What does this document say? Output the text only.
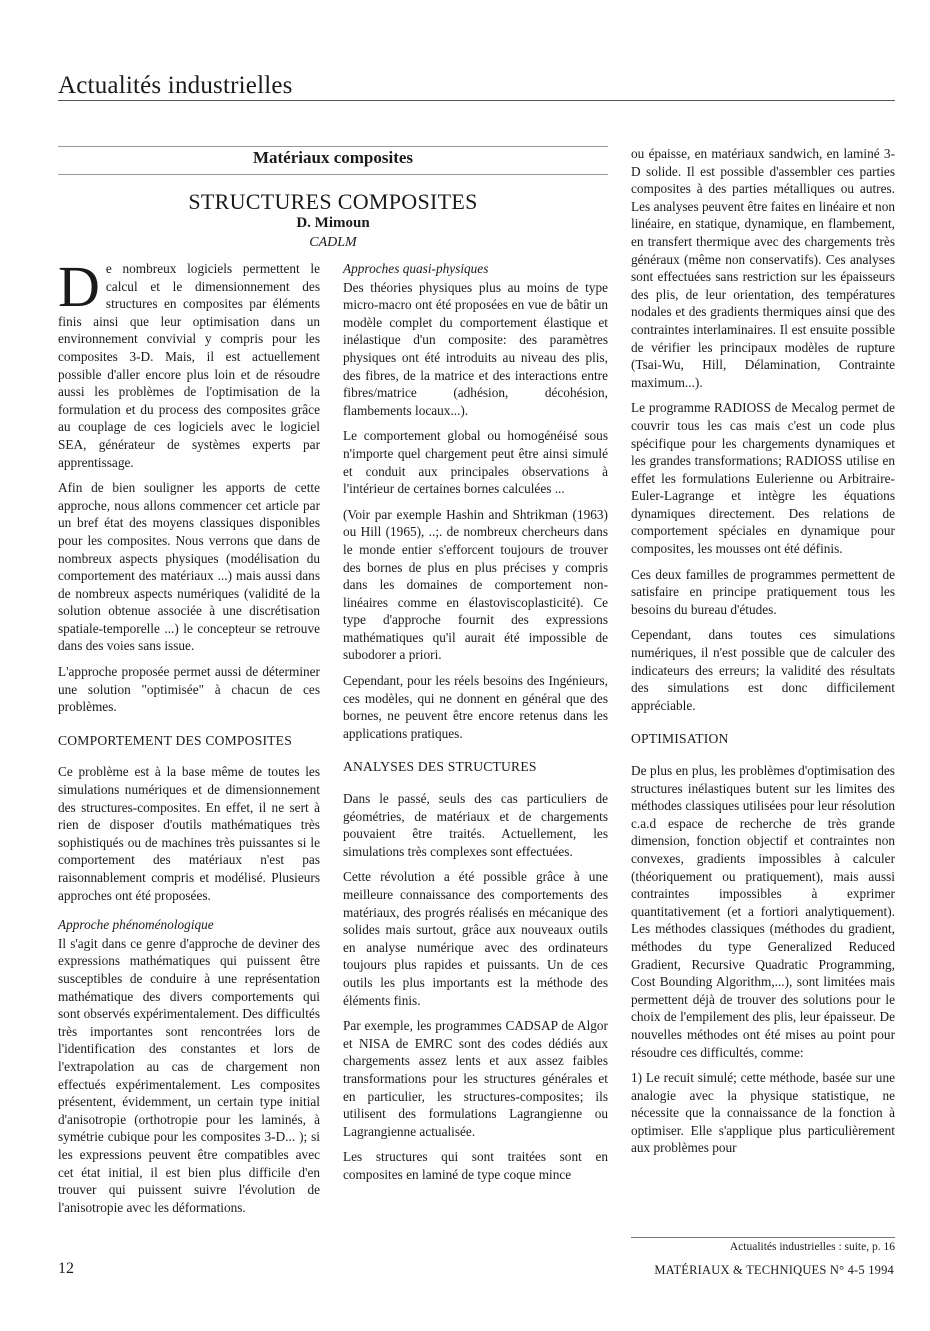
Actualités industrielles
Matériaux composites
STRUCTURES COMPOSITES
D. Mimoun
CADLM

De nombreux logiciels permettent le calcul et le dimensionnement des structures en composites par éléments finis ainsi que leur optimisation dans un environnement convivial y compris pour les composites 3-D. Mais, il est actuellement possible d'aller encore plus loin et de résoudre aussi les problèmes de l'optimisation de la formulation et du process des composites grâce au couplage de ces logiciels avec le logiciel SEA, générateur de systèmes experts par apprentissage.

Afin de bien souligner les apports de cette approche, nous allons commencer cet article par un bref état des moyens classiques disponibles pour les composites. Nous verrons que dans de nombreux aspects physiques (modélisation du comportement des matériaux ...) mais aussi dans de nombreux aspects numériques (validité de la solution obtenue associée à une discrétisation spatiale-temporelle ...) le concepteur se retrouve dans des voies sans issue.

L'approche proposée permet aussi de déterminer une solution "optimisée" à chacun de ces problèmes.

COMPORTEMENT DES COMPOSITES

Ce problème est à la base même de toutes les simulations numériques et de dimensionnement des structures-composites. En effet, il ne sert à rien de disposer d'outils mathématiques très sophistiqués ou de machines très puissantes si le comportement des matériaux n'est pas raisonnablement compris et modélisé. Plusieurs approches ont été proposées.

Approche phénoménologique

Il s'agit dans ce genre d'approche de deviner des expressions mathématiques qui puissent être susceptibles de conduire à une représentation mathématique des divers comportements qui sont observés expérimentalement. Des difficultés très importantes sont rencontrées lors de l'identification des constantes et lors de l'extrapolation au cas de chargement non effectués expérimentalement. Les composites présentent, évidemment, un certain type initial d'anisotropie (orthotropie pour les laminés, à symétrie cubique pour les composites 3-D... ); si les expressions peuvent être compatibles avec cet état initial, il est bien plus difficile d'en trouver qui puissent suivre l'évolution de l'anisotropie avec les déformations.

Approches quasi-physiques

Des théories physiques plus au moins de type micro-macro ont été proposées en vue de bâtir un modèle complet du comportement élastique et inélastique d'un composite: des paramètres physiques ont été introduits au niveau des plis, des fibres, de la matrice et des interactions entre fibres/matrice (adhésion, décohésion, flambements locaux...).

Le comportement global ou homogénéisé sous n'importe quel chargement peut être ainsi simulé et conduit aux principales observations à l'intérieur de certaines bornes calculées ...

(Voir par exemple Hashin and Shtrikman (1963) ou Hill (1965), ..;. de nombreux chercheurs dans le monde entier s'efforcent toujours de trouver des bornes de plus en plus précises y compris dans les domaines de comportement non-linéaires comme en élastoviscoplasticité). Ce type d'approche fournit des expressions mathématiques qu'il aurait été impossible de subodorer a priori.

Cependant, pour les réels besoins des Ingénieurs, ces modèles, qui ne donnent en général que des bornes, ne peuvent être encore retenus dans les applications pratiques.

ANALYSES DES STRUCTURES

Dans le passé, seuls des cas particuliers de géométries, de matériaux et de chargements pouvaient être traités. Actuellement, les simulations très complexes sont effectuées.

Cette révolution a été possible grâce à une meilleure connaissance des comportements des matériaux, des progrés réalisés en mécanique des solides mais surtout, grâce aux nouveaux outils en analyse numérique avec des ordinateurs toujours plus rapides et puissants. Un de ces outils les plus importants est la méthode des éléments finis.

Par exemple, les programmes CADSAP de Algor et NISA de EMRC sont des codes dédiés aux chargements assez lents et aux assez faibles transformations pour les structures générales et en particulier, les structures-composites; ils utilisent des formulations Lagrangienne ou Lagrangienne actualisée.

Les structures qui sont traitées sont en composites en laminé de type coque mince

ou épaisse, en matériaux sandwich, en laminé 3-D solide. Il est possible d'assembler ces parties composites à des parties métalliques ou autres. Les analyses peuvent être faites en linéaire et non linéaire, en statique, dynamique, en flambement, en transfert thermique avec des chargements très généraux (même non conservatifs). Ces analyses sont effectuées sans restriction sur les épaisseurs des plis, de leur orientation, des températures nodales et des gradients thermiques ainsi que des contraintes interlaminaires. Il est ensuite possible de vérifier les principaux modèles de rupture (Tsai-Wu, Hill, Délamination, Contrainte maximum...).

Le programme RADIOSS de Mecalog permet de couvrir tous les cas mais c'est un code plus spécifique pour les chargements dynamiques et les grandes transformations; RADIOSS utilise en effet les formulations Eulerienne ou Arbitraire-Euler-Lagrange et intègre les équations dynamiques directement. Des relations de comportement spéciales en dynamique pour composites, les mousses ont été définis.

Ces deux familles de programmes permettent de satisfaire en principe pratiquement tous les besoins du bureau d'études.

Cependant, dans toutes ces simulations numériques, il n'est possible que de calculer des indicateurs des erreurs; la validité des résultats des simulations est donc difficilement appréciable.

OPTIMISATION

De plus en plus, les problèmes d'optimisation des structures inélastiques butent sur les limites des méthodes classiques utilisées pour leur résolution c.a.d espace de recherche de très grande dimension, fonction objectif et contraintes non convexes, gradients impossibles à calculer (théoriquement ou pratiquement), mais aussi contraintes impossibles à exprimer quantitativement (et a fortiori analytiquement). Les méthodes classiques (méthodes du gradient, méthodes du type Generalized Reduced Gradient, Recursive Quadratic Programming, Cost Bounding Algorithm,...), sont limitées mais permettent déjà de trouver des solutions pour le choix de l'empilement des plis, leur épaisseur. De nouvelles méthodes ont été mises au point pour résoudre ces difficultés, comme:

1) Le recuit simulé; cette méthode, basée sur une analogie avec la physique statistique, ne nécessite que la connaissance de la fonction à optimiser. Elle s'applique plus particulièrement aux problèmes pour

Actualités industrielles : suite, p. 16
12	MATÉRIAUX & TECHNIQUES N° 4-5 1994
